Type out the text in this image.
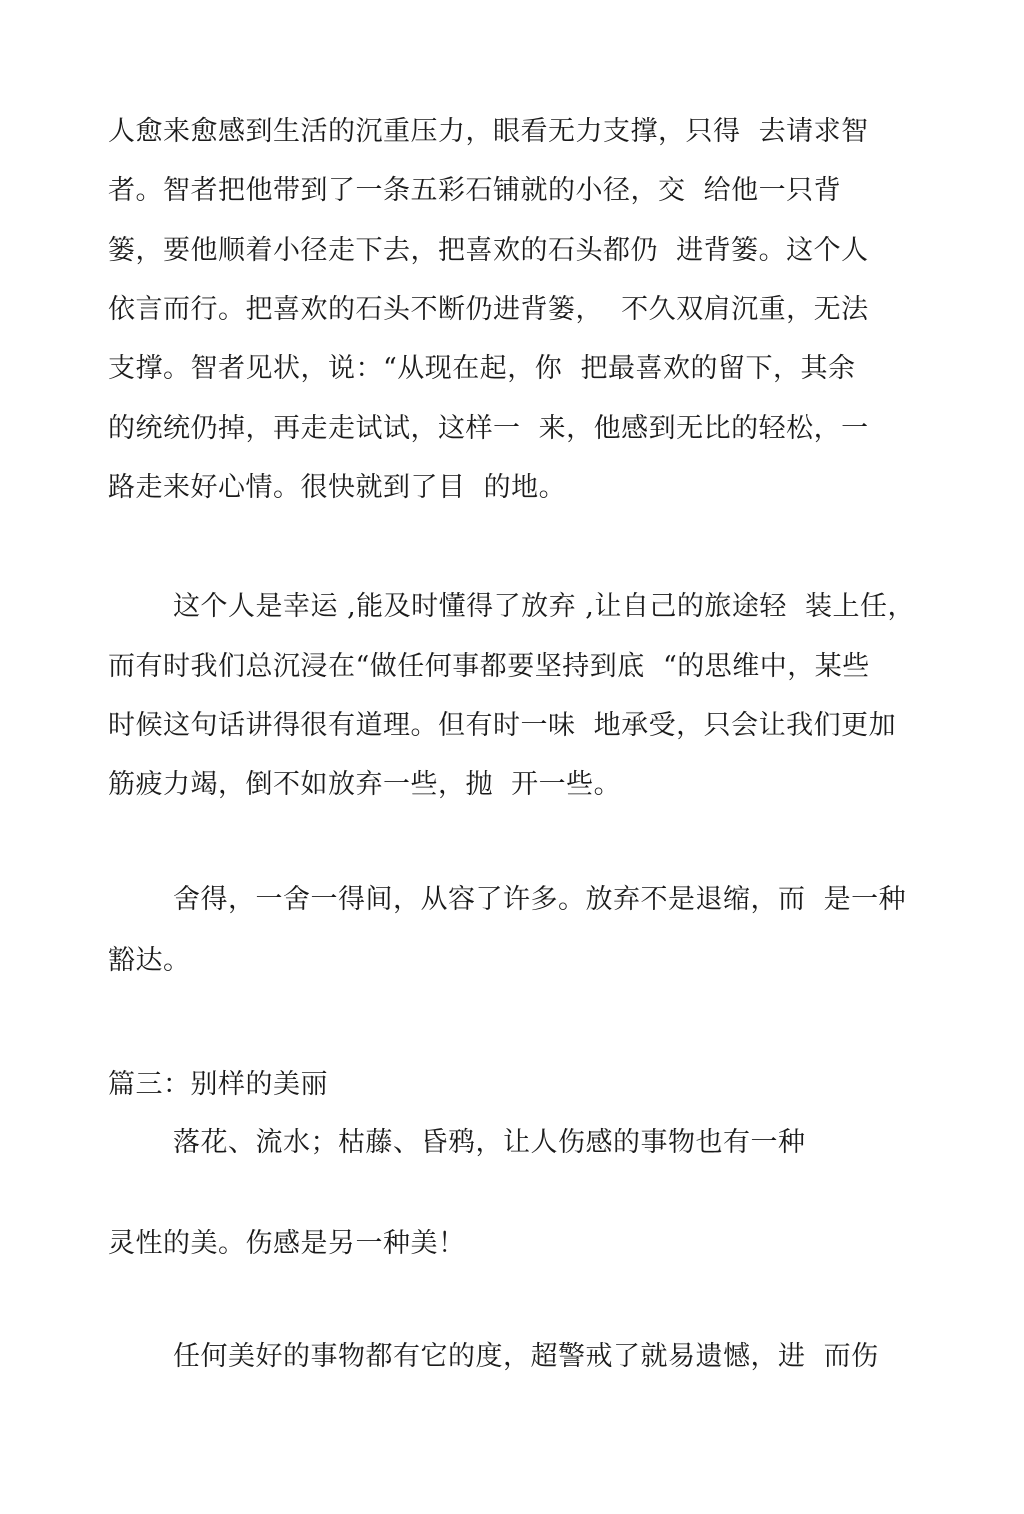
人愈来愈感到生活的沉重压力，眼看无力支撑，只得  去请求智
者。智者把他带到了一条五彩石铺就的小径，交  给他一只背
篓，要他顺着小径走下去，把喜欢的石头都仍  进背篓。这个人
依言而行。把喜欢的石头不断仍进背篓，  不久双肩沉重，无法
支撑。智者见状，说：“从现在起，你  把最喜欢的留下，其余
的统统仍掉，再走走试试，这样一  来，他感到无比的轻松，一
路走来好心情。很快就到了目  的地。
这个人是幸运 ,能及时懂得了放弃 ,让自己的旅途轻  装上任，
而有时我们总沉浸在“做任何事都要坚持到底  “的思维中，某些
时候这句话讲得很有道理。但有时一味  地承受，只会让我们更加
筋疲力竭，倒不如放弃一些，抛  开一些。
舍得，一舍一得间，从容了许多。放弃不是退缩，而  是一种
豁达。
篇三：别样的美丽
落花、流水；枯藤、昏鸦，让人伤感的事物也有一种
灵性的美。伤感是另一种美！
任何美好的事物都有它的度，超警戒了就易遗憾，进  而伤
